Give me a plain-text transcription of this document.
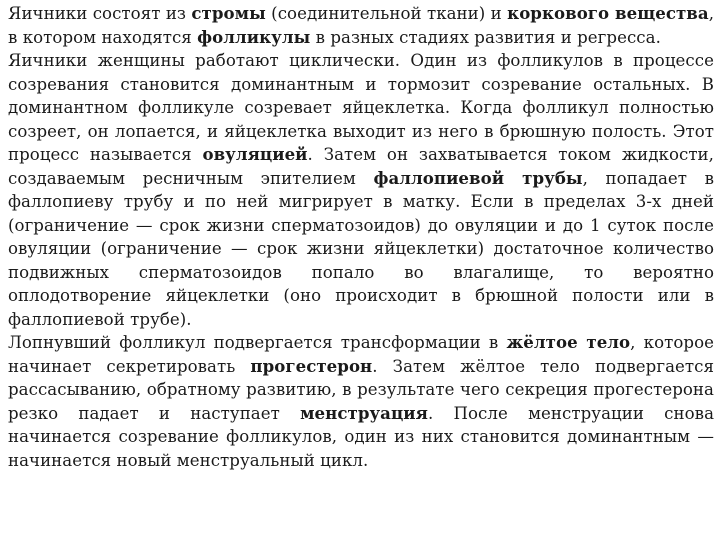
Яичники состоят из стромы (соединительной ткани) и коркового вещества, в котором находятся фолликулы в разных стадиях развития и регресса.

Яичники женщины работают циклически. Один из фолликулов в процессе созревания становится доминантным и тормозит созревание остальных. В доминантном фолликуле созревает яйцеклетка. Когда фолликул полностью созреет, он лопается, и яйцеклетка выходит из него в брюшную полость. Этот процесс называется овуляцией. Затем он захватывается током жидкости, создаваемым ресничным эпителием фаллопиевой трубы, попадает в фаллопиеву трубу и по ней мигрирует в матку. Если в пределах 3-х дней (ограничение — срок жизни сперматозоидов) до овуляции и до 1 суток после овуляции (ограничение — срок жизни яйцеклетки) достаточное количество подвижных сперматозоидов попало во влагалище, то вероятно оплодотворение яйцеклетки (оно происходит в брюшной полости или в фаллопиевой трубе).

Лопнувший фолликул подвергается трансформации в жёлтое тело, которое начинает секретировать прогестерон. Затем жёлтое тело подвергается рассасыванию, обратному развитию, в результате чего секреция прогестерона резко падает и наступает менструация. После менструации снова начинается созревание фолликулов, один из них становится доминантным — начинается новый менструальный цикл.
